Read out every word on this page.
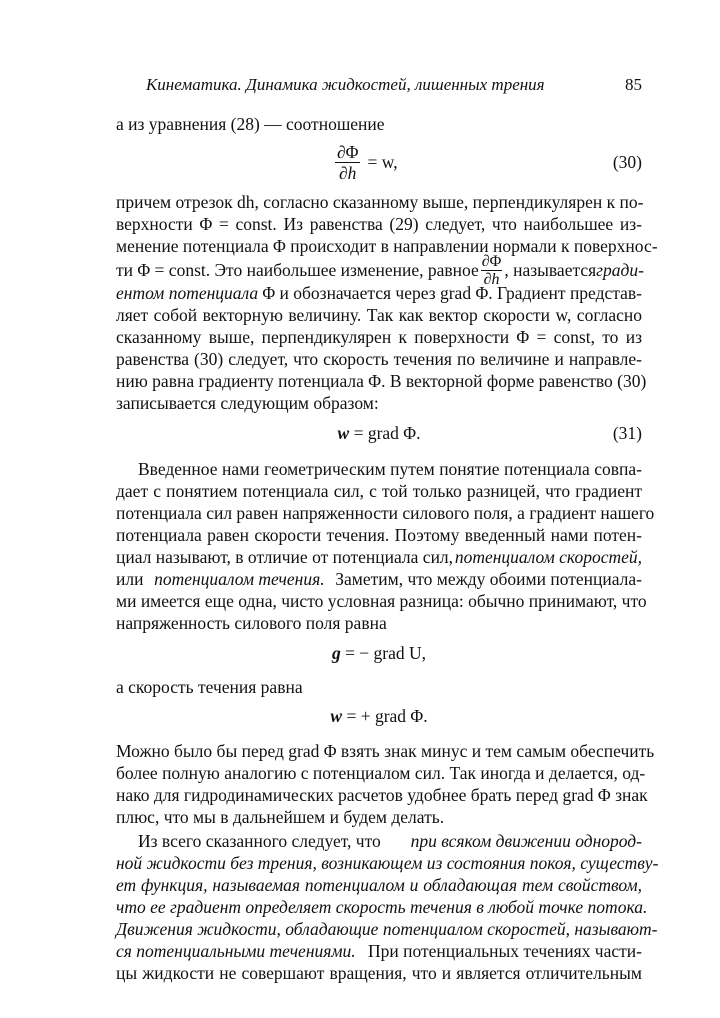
Кинематика. Динамика жидкостей, лишенных трения	85
а из уравнения (28) — соотношение
$\frac{\partial\Phi}{\partial h} = w$,	(30)
причем отрезок dh, согласно сказанному выше, перпендикулярен к по-
верхности Φ = const. Из равенства (29) следует, что наибольшее из-
менение потенциала Φ происходит в направлении нормали к поверхнос-
ти Φ = const. Это наибольшее изменение, равное $\frac{\partial\Phi}{\partial h}$ , называется гради-
ентом потенциала Φ и обозначается через grad Φ. Градиент представ-
ляет собой векторную величину. Так как вектор скорости w, согласно
сказанному выше, перпендикулярен к поверхности Φ = const, то из
равенства (30) следует, что скорость течения по величине и направле-
нию равна градиенту потенциала Φ. В векторной форме равенство (30)
записывается следующим образом:
w = grad Φ.	(31)
Введенное нами геометрическим путем понятие потенциала совпа-
дает с понятием потенциала сил, с той только разницей, что градиент
потенциала сил равен напряженности силового поля, а градиент нашего
потенциала равен скорости течения. Поэтому введенный нами потен-
циал называют, в отличие от потенциала сил, потенциалом скоростей,
или потенциалом течения. Заметим, что между обоими потенциала-
ми имеется еще одна, чисто условная разница: обычно принимают, что
напряженность силового поля равна
g = − grad U,
а скорость течения равна
w = + grad Φ.
Можно было бы перед grad Φ взять знак минус и тем самым обеспечить
более полную аналогию с потенциалом сил. Так иногда и делается, од-
нако для гидродинамических расчетов удобнее брать перед grad Φ знак
плюс, что мы в дальнейшем и будем делать.
Из всего сказанного следует, что при всяком движении однород-
ной жидкости без трения, возникающем из состояния покоя, существу-
ет функция, называемая потенциалом и обладающая тем свойством,
что ее градиент определяет скорость течения в любой точке потока.
Движения жидкости, обладающие потенциалом скоростей, называют-
ся потенциальными течениями. При потенциальных течениях части-
цы жидкости не совершают вращения, что и является отличительным
